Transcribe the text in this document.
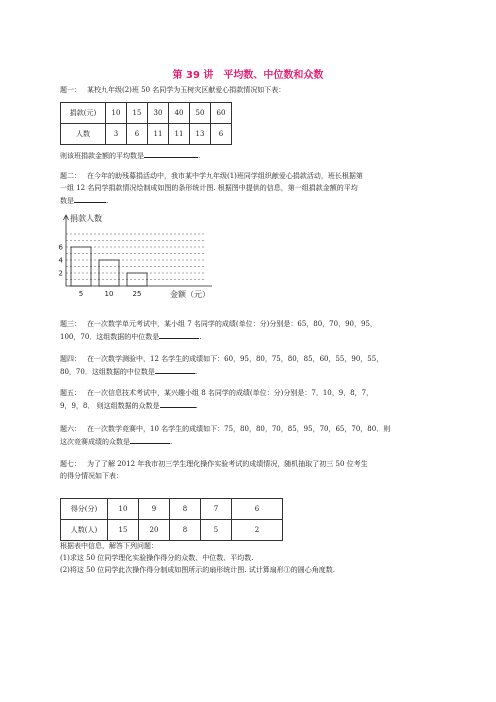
第 39 讲　平均数、中位数和众数
题一： 某校九年级(2)班 50 名同学为玉树灾区献爱心捐款情况如下表：
捐款(元)	10	15	30	40	50	60
人数	3	6	11	11	13	6
则该班捐款金额的平均数是	.
题二： 在今年的助残募捐活动中，我市某中学九年级(1)班同学组织献爱心捐款活动，班长根据第
一组 12 名同学捐款情况绘制成如图的条形统计图. 根据图中提供的信息，第一组捐款金额的平均
数是	.
5	10	25
2
4
6
捐款人数
金额（元）
题三： 在一次数学单元考试中，某小组 7 名同学的成绩(单位：分)分别是：65，80，70，90，95，
100，70．这组数据的中位数是	.
题四： 在一次数学测验中，12 名学生的成绩如下：60，95，80，75，80，85，60，55，90，55，
80，70．这组数据的中位数是	.
题五： 在一次信息技术考试中，某兴趣小组 8 名同学的成绩(单位：分)分别是：7，10，9，8，7，
9，9，8． 则这组数据的众数是	.
题六： 在一次数学竞赛中，10 名学生的成绩如下：75，80，80，70，85，95，70，65，70，80．则
这次竞赛成绩的众数是	.
题七： 为了了解 2012 年我市初三学生理化操作实验考试的成绩情况，随机抽取了初三 50 位考生
的得分情况如下表：
得分(分)	10	9	8	7	6
人数(人)	15	20	8	5	2
根据表中信息，解答下列问题：
(1)求这 50 位同学理化实验操作得分的众数、中位数、平均数.
(2)将这 50 位同学此次操作得分制成如图所示的扇形统计图. 试计算扇形①的圆心角度数.
